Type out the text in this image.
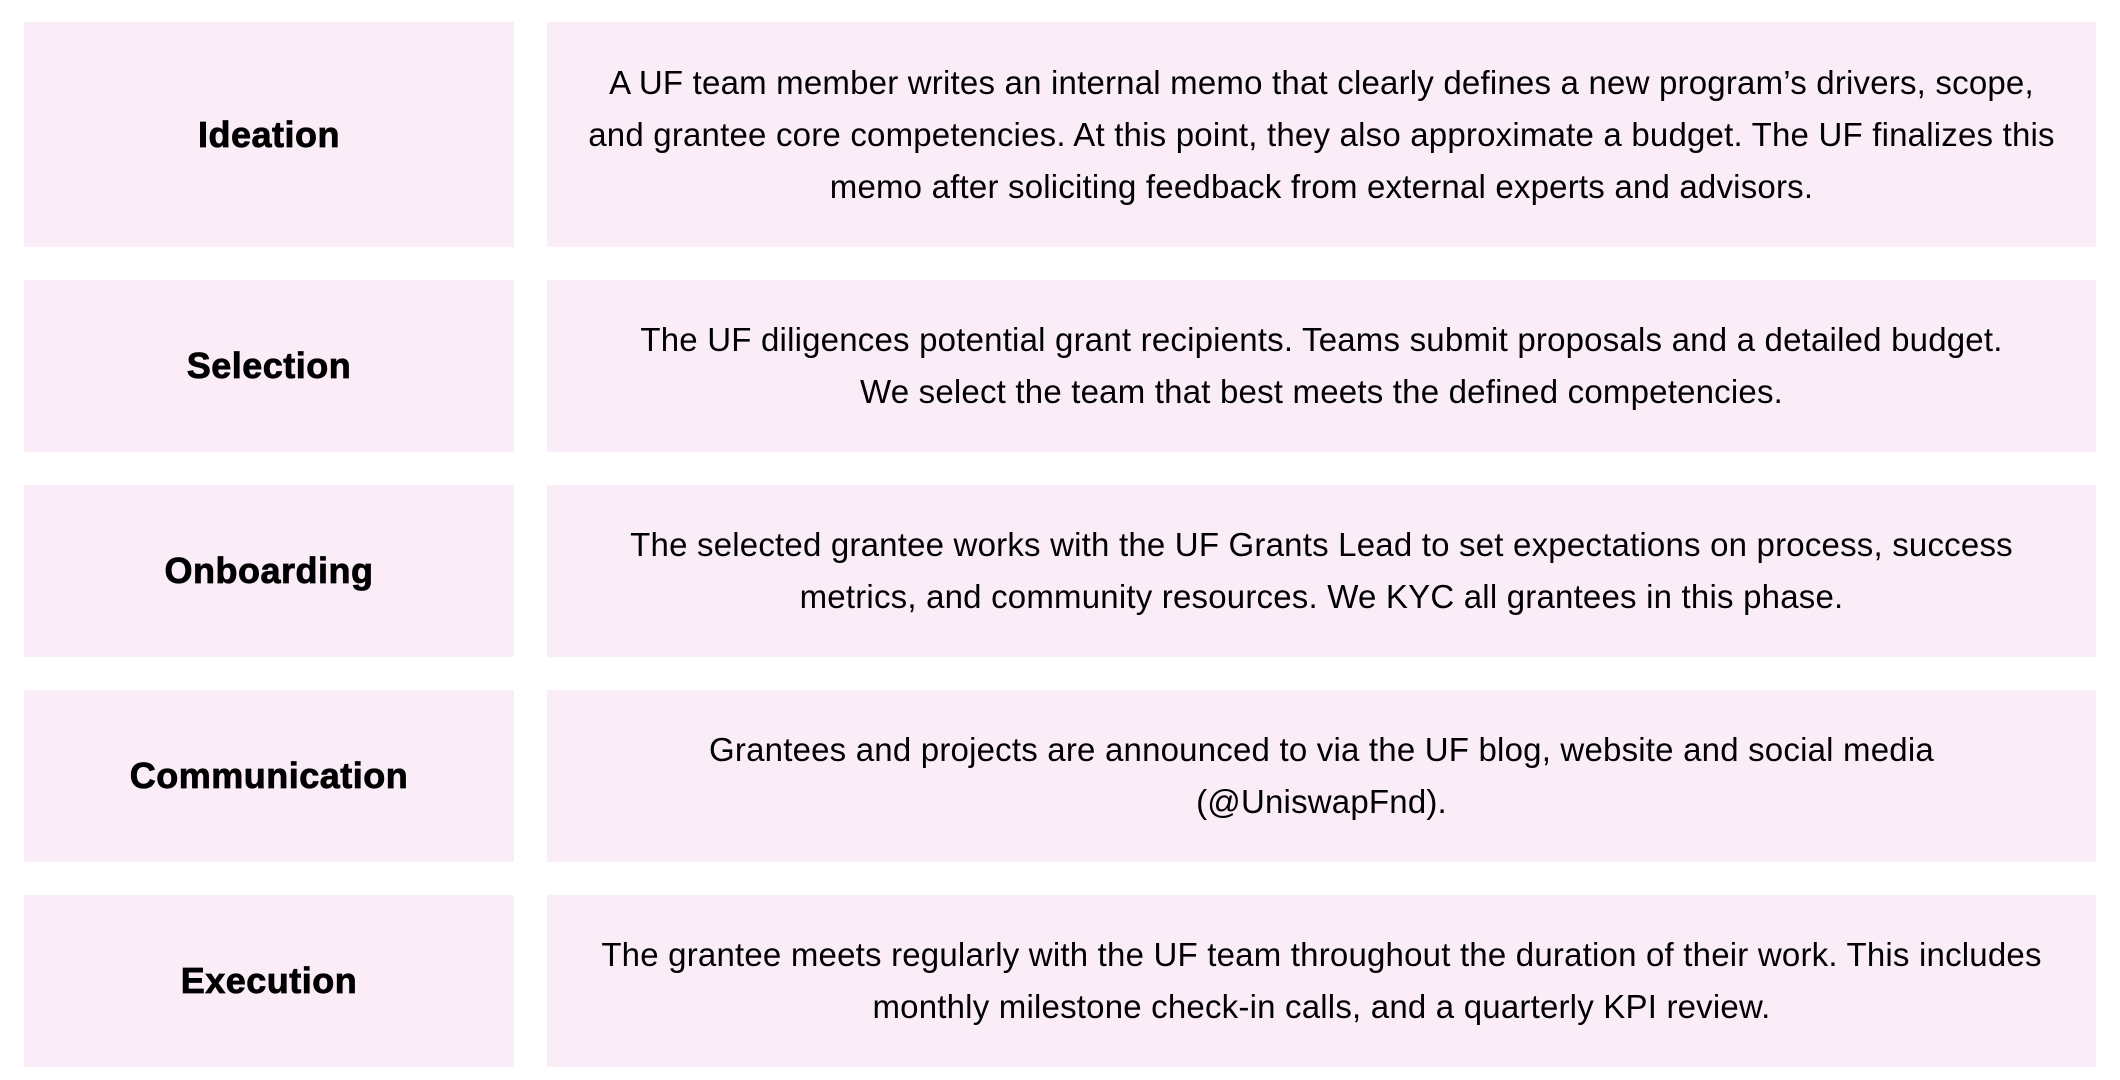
Ideation
A UF team member writes an internal memo that clearly defines a new program’s drivers, scope, and grantee core competencies. At this point, they also approximate a budget. The UF finalizes this memo after soliciting feedback from external experts and advisors.
Selection
The UF diligences potential grant recipients. Teams submit proposals and a detailed budget. We select the team that best meets the defined competencies.
Onboarding
The selected grantee works with the UF Grants Lead to set expectations on process, success metrics, and community resources. We KYC all grantees in this phase.
Communication
Grantees and projects are announced to via the UF blog, website and social media (@UniswapFnd).
Execution
The grantee meets regularly with the UF team throughout the duration of their work. This includes monthly milestone check-in calls, and a quarterly KPI review.
